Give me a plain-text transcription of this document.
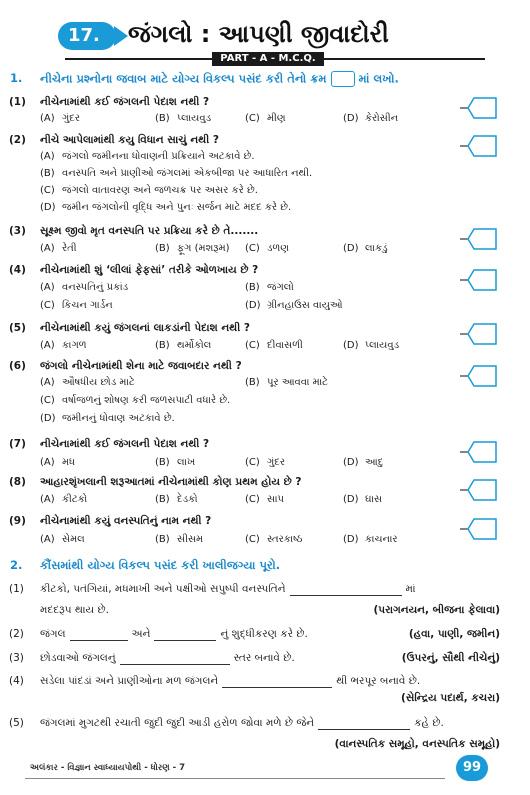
17.	જંગલો : આપણી જીવાદોરી
PART - A - M.C.Q.
1. નીચેના પ્રશ્નોના જવાબ માટે યોગ્ય વિકલ્પ પસંદ કરી તેનો ક્રમ	માં લખો.
(1) નીચેનામાંથી કઈ જંગલની પેદાશ નથી ?
(A) ગુંદર	(B) પ્લાયવુડ	(C) મીણ	(D) કેરોસીન
(2) નીચે આપેલામાંથી કયુ વિધાન સાચું નથી ?
(A) જંગલો જમીનના ધોવાણની પ્રક્રિયાને અટકાવે છે.
(B) વનસ્પતિ અને પ્રાણીઓ જંગલમાં એકબીજા પર આધારિત નથી.
(C) જંગલો વાતાવરણ અને જળચક્ર પર અસર કરે છે.
(D) જમીન જંગલોની વૃદ્ધિ અને પુનઃ સર્જન માટે મદદ કરે છે.
(3) સૂક્ષ્મ જીવો મૃત વનસ્પતિ પર પ્રક્રિયા કરે છે તે.......
(A) રેતી	(B) ફૂગ (મશરૂમ) (C) ડળણ	(D) લાકડું
(4) નીચેનામાંથી શું ‘લીલાં ફેફસાં’ તરીકે ઓળખાય છે ?
(A) વનસ્પતિનું પ્રકાંડ	(B) જંગલો
(C) કિચન ગાર્ડન	(D) ગ્રીનહાઉસ વાયુઓ
(5) નીચેનામાંથી કયું જંગલનાં લાકડાંની પેદાશ નથી ?
(A) કાગળ	(B) થર્મોકોલ	(C) દીવાસળી	(D) પ્લાયવુડ
(6) જંગલો નીચેનામાંથી શેના માટે જવાબદાર નથી ?
(A) ઔષધીય છોડ માટે	(B) પૂર આવવા માટે
(C) વર્ષાજળનું શોષણ કરી જળસપાટી વધારે છે.
(D) જમીનનું ધોવાણ અટકાવે છે.
(7) નીચેનામાંથી કઈ જંગલની પેદાશ નથી ?
(A) મધ	(B) લાખ	(C) ગુંદર	(D) આદુ
(8) આહારશૃંખલાની શરૂઆતમાં નીચેનામાંથી કોણ પ્રથમ હોય છે ?
(A) કીટકો	(B) દેડકો	(C) સાપ	(D) ઘાસ
(9) નીચેનામાંથી કયું વનસ્પતિનું નામ નથી ?
(A) સેમલ	(B) સીસમ	(C) સ્તરકાષ્ઠ	(D) કાચનાર
2. કૌંસમાંથી યોગ્ય વિકલ્પ પસંદ કરી ખાલીજગ્યા પૂરો.
(1) કીટકો, પતંગિયાં, મધમાખી અને પક્ષીઓ સપુષ્પી વનસ્પતિને	માં
મદદરૂપ થાય છે.	(પરાગનયન, બીજના ફેલાવા)
(2) જંગલ	અને	નું શુદ્ધીકરણ કરે છે.	(હવા, પાણી, જમીન)
(3) છોડવાઓ જંગલનું	સ્તર બનાવે છે.	(ઉપરનું, સૌથી નીચેનું)
(4) સડેલા પાંદડાં અને પ્રાણીઓના મળ જંગલને	થી ભરપૂર બનાવે છે.
(સેન્દ્રિય પદાર્થ, કચરા)
(5) જંગલમાં મુગટથી રચાતી જુદી જુદી આડી હરોળ જોવા મળે છે જેને	કહે છે.
(વાનસ્પતિક સમૂહો, વનસ્પતિક સમૂહો)
અલંકાર - વિજ્ઞાન સ્વાધ્યાયપોથી - ધોરણ - 7	99
